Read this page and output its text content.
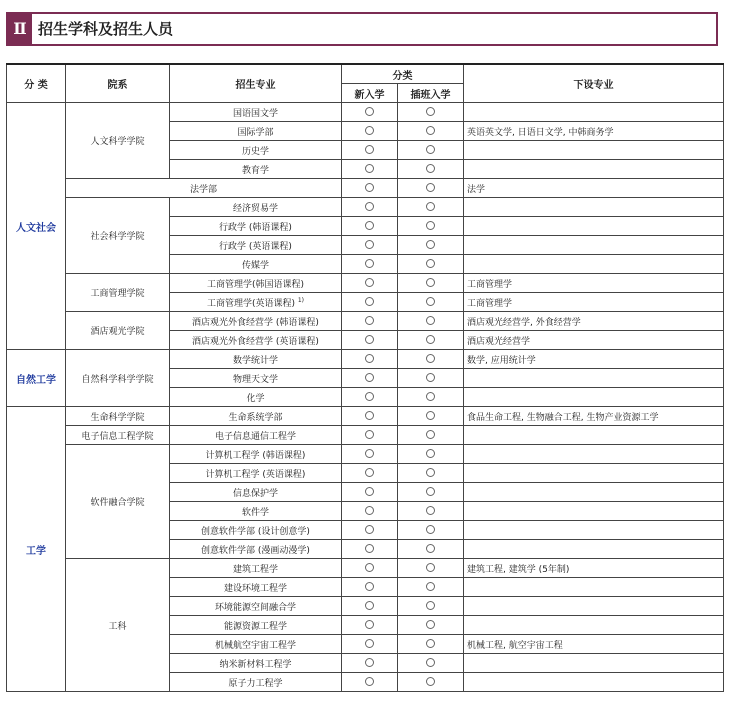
Ⅱ 招生学科及招生人员
分 类	院系	招生专业	分类		下设专业
			新入学	插班入学	
人文社会	人文科学学院	国语国文学			
		国际学部			英语英文学, 日语日文学, 中韩商务学
		历史学			
		教育学			
	法学部				法学
	社会科学学院	经济贸易学			
		行政学 (韩语课程)			
		行政学 (英语课程)			
		传媒学			
	工商管理学院	工商管理学(韩国语课程)			工商管理学
		工商管理学(英语课程) $^{1)}$			工商管理学
	酒店观光学院	酒店观光外食经营学 (韩语课程)			酒店观光经营学, 外食经营学
		酒店观光外食经营学 (英语课程)			酒店观光经营学
自然工学	自然科学科学学院	数学统计学			数学, 应用统计学
		物理天文学			
		化学			
工学	生命科学学院	生命系统学部			食品生命工程, 生物融合工程, 生物产业资源工学
	电子信息工程学院	电子信息通信工程学			
	软件融合学院	计算机工程学 (韩语课程)			
		计算机工程学 (英语课程)			
		信息保护学			
		软件学			
		创意软件学部 (设计创意学)			
		创意软件学部 (漫画动漫学)			
	工科	建筑工程学			建筑工程, 建筑学 (5年制)
		建设环境工程学			
		环境能源空间融合学			
		能源资源工程学			
		机械航空宇宙工程学			机械工程, 航空宇宙工程
		纳米新材料工程学			
		原子力工程学			
